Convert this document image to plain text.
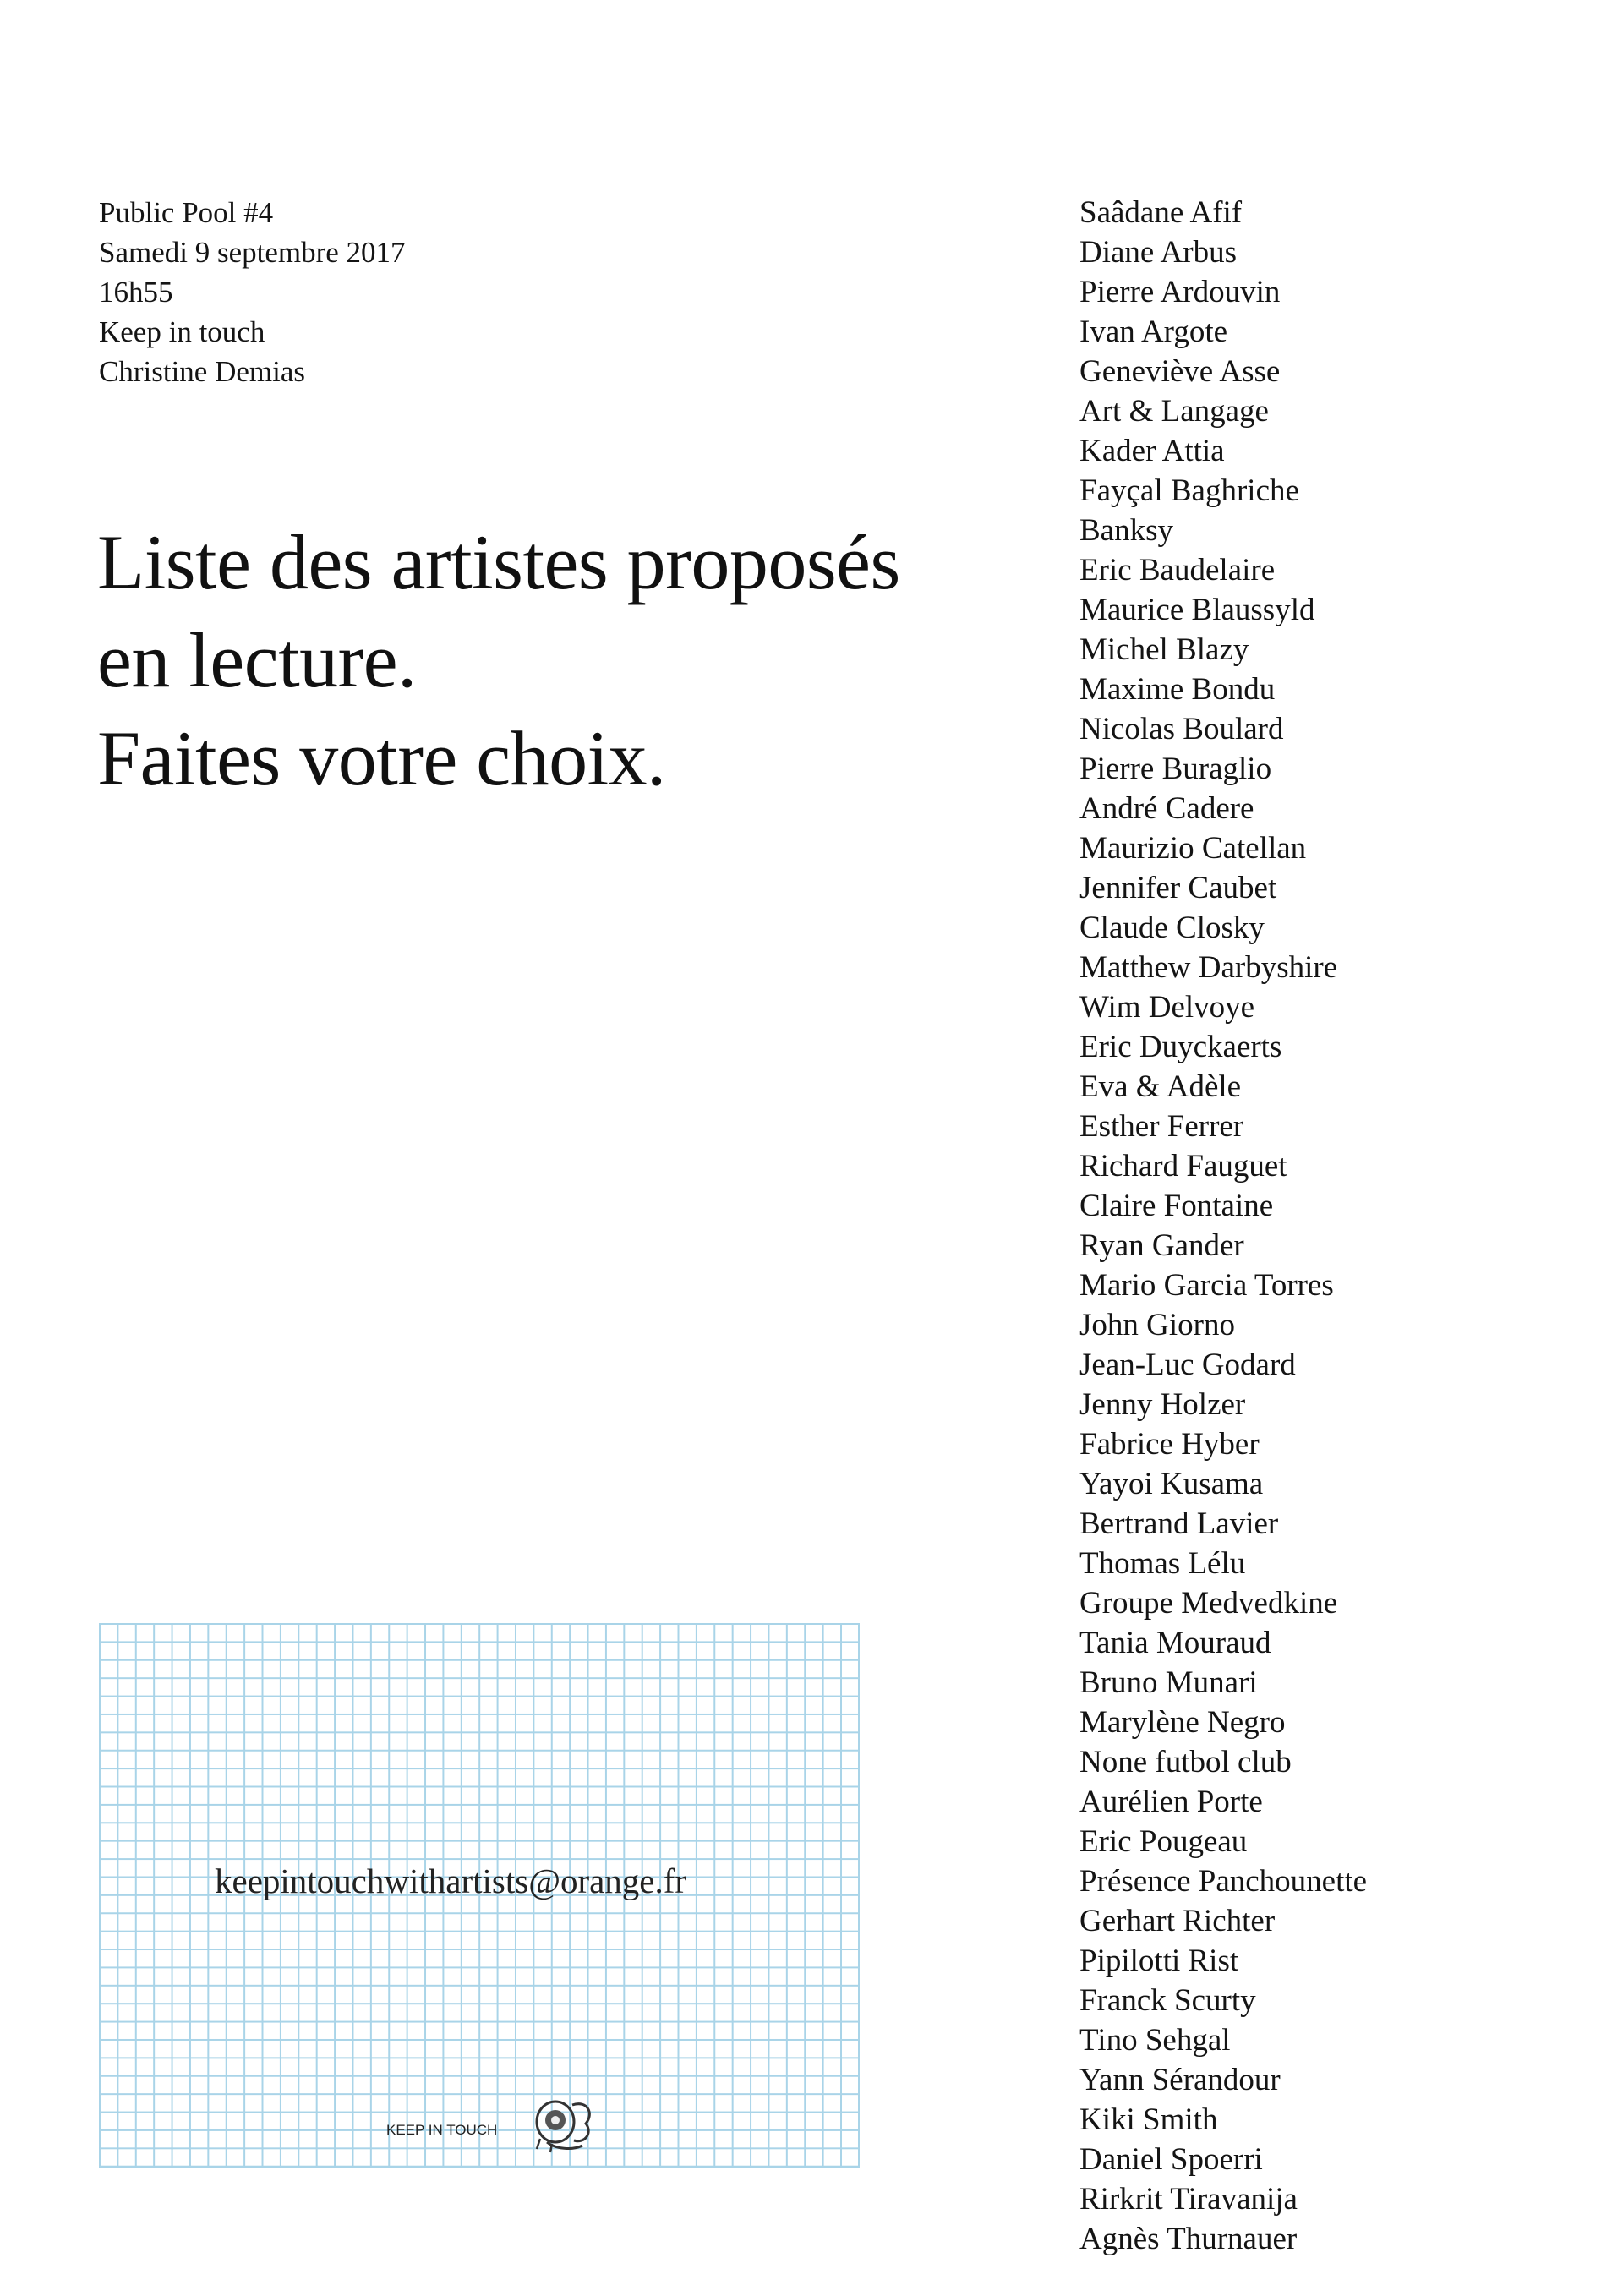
Public Pool #4
Samedi 9 septembre 2017
16h55
Keep in touch
Christine Demias
Liste des artistes proposés
en lecture.
Faites votre choix.
Saâdane Afif
Diane Arbus
Pierre Ardouvin
Ivan Argote
Geneviève Asse
Art & Langage
Kader Attia
Fayçal Baghriche
Banksy
Eric Baudelaire
Maurice Blaussyld
Michel Blazy
Maxime Bondu
Nicolas Boulard
Pierre Buraglio
André Cadere
Maurizio Catellan
Jennifer Caubet
Claude Closky
Matthew Darbyshire
Wim Delvoye
Eric Duyckaerts
Eva & Adèle
Esther Ferrer
Richard Fauguet
Claire Fontaine
Ryan Gander
Mario Garcia Torres
John Giorno
Jean-Luc Godard
Jenny Holzer
Fabrice Hyber
Yayoi Kusama
Bertrand Lavier
Thomas Lélu
Groupe Medvedkine
Tania Mouraud
Bruno Munari
Marylène Negro
None futbol club
Aurélien Porte
Eric Pougeau
Présence Panchounette
Gerhart Richter
Pipilotti Rist
Franck Scurty
Tino Sehgal
Yann Sérandour
Kiki Smith
Daniel Spoerri
Rirkrit Tiravanija
Agnès Thurnauer
keepintouchwithartists@orange.fr
KEEP IN TOUCH
